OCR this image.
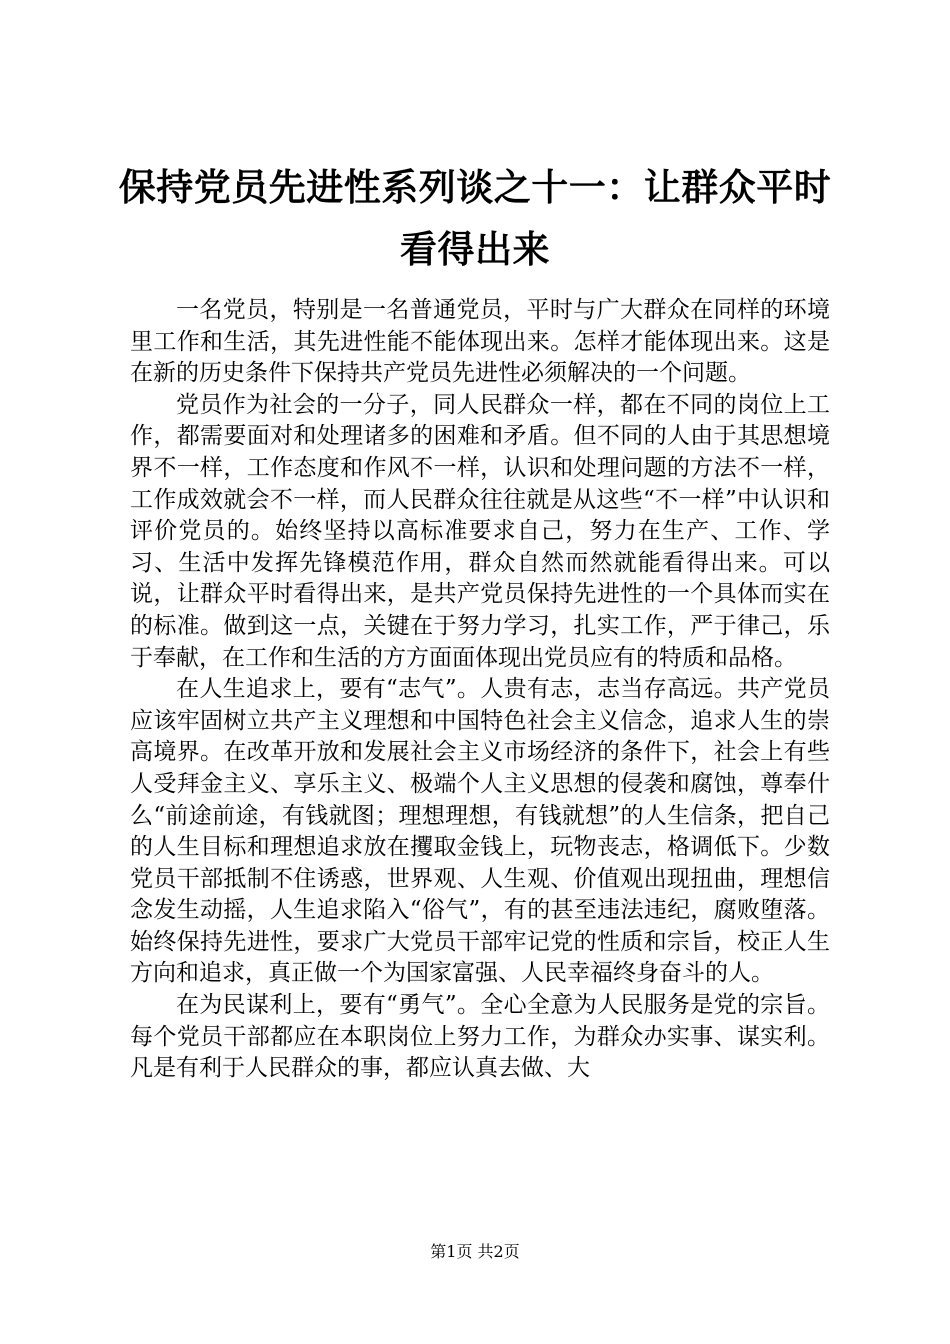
保持党员先进性系列谈之十一：让群众平时看得出来

一名党员，特别是一名普通党员，平时与广大群众在同样的环境里工作和生活，其先进性能不能体现出来。怎样才能体现出来。这是在新的历史条件下保持共产党员先进性必须解决的一个问题。

党员作为社会的一分子，同人民群众一样，都在不同的岗位上工作，都需要面对和处理诸多的困难和矛盾。但不同的人由于其思想境界不一样，工作态度和作风不一样，认识和处理问题的方法不一样，工作成效就会不一样，而人民群众往往就是从这些“不一样”中认识和评价党员的。始终坚持以高标准要求自己，努力在生产、工作、学习、生活中发挥先锋模范作用，群众自然而然就能看得出来。可以说，让群众平时看得出来，是共产党员保持先进性的一个具体而实在的标准。做到这一点，关键在于努力学习，扎实工作，严于律己，乐于奉献，在工作和生活的方方面面体现出党员应有的特质和品格。

在人生追求上，要有“志气”。人贵有志，志当存高远。共产党员应该牢固树立共产主义理想和中国特色社会主义信念，追求人生的崇高境界。在改革开放和发展社会主义市场经济的条件下，社会上有些人受拜金主义、享乐主义、极端个人主义思想的侵袭和腐蚀，尊奉什么“前途前途，有钱就图；理想理想，有钱就想”的人生信条，把自己的人生目标和理想追求放在攫取金钱上，玩物丧志，格调低下。少数党员干部抵制不住诱惑，世界观、人生观、价值观出现扭曲，理想信念发生动摇，人生追求陷入“俗气”，有的甚至违法违纪，腐败堕落。始终保持先进性，要求广大党员干部牢记党的性质和宗旨，校正人生方向和追求，真正做一个为国家富强、人民幸福终身奋斗的人。

在为民谋利上，要有“勇气”。全心全意为人民服务是党的宗旨。每个党员干部都应在本职岗位上努力工作，为群众办实事、谋实利。凡是有利于人民群众的事，都应认真去做、大

第1页 共2页
